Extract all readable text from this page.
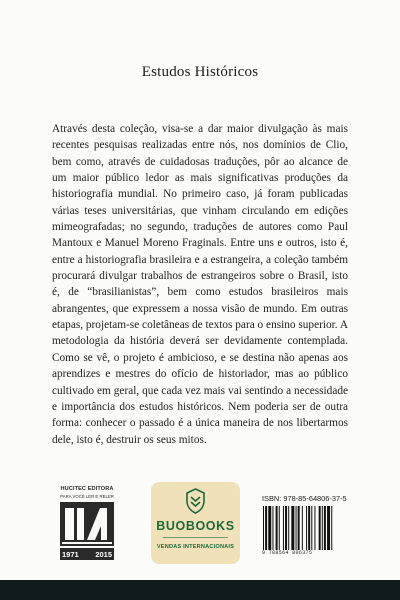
Estudos Históricos
Através desta coleção, visa-se a dar maior divulgação às mais recentes pesquisas realizadas entre nós, nos domínios de Clio, bem como, através de cuidadosas traduções, pôr ao alcance de um maior público ledor as mais significativas produções da historiografia mundial. No primeiro caso, já foram publicadas várias teses universitárias, que vinham circulando em edições mimeografadas; no segundo, traduções de autores como Paul Mantoux e Manuel Moreno Fraginals. Entre uns e outros, isto é, entre a historiografia brasileira e a estrangeira, a coleção também procurará divulgar trabalhos de estrangeiros sobre o Brasil, isto é, de “brasilianistas”, bem como estudos brasileiros mais abrangentes, que expressem a nossa visão de mundo. Em outras etapas, projetam-se coletâneas de textos para o ensino superior. A metodologia da história deverá ser devidamente contemplada. Como se vê, o projeto é ambicioso, e se destina não apenas aos aprendizes e mestres do ofício de historiador, mas ao público cultivado em geral, que cada vez mais vai sentindo a necessidade e importância dos estudos históricos. Nem poderia ser de outra forma: conhecer o passado é a única maneira de nos libertarmos dele, isto é, destruir os seus mitos.
HUCITEC EDITORA
PARA VOCÊ LER E RELER
1971 2015
BUOBOOKS
VENDAS INTERNACIONAIS
ISBN: 978-85-64806-37-5
9 788564 806375
